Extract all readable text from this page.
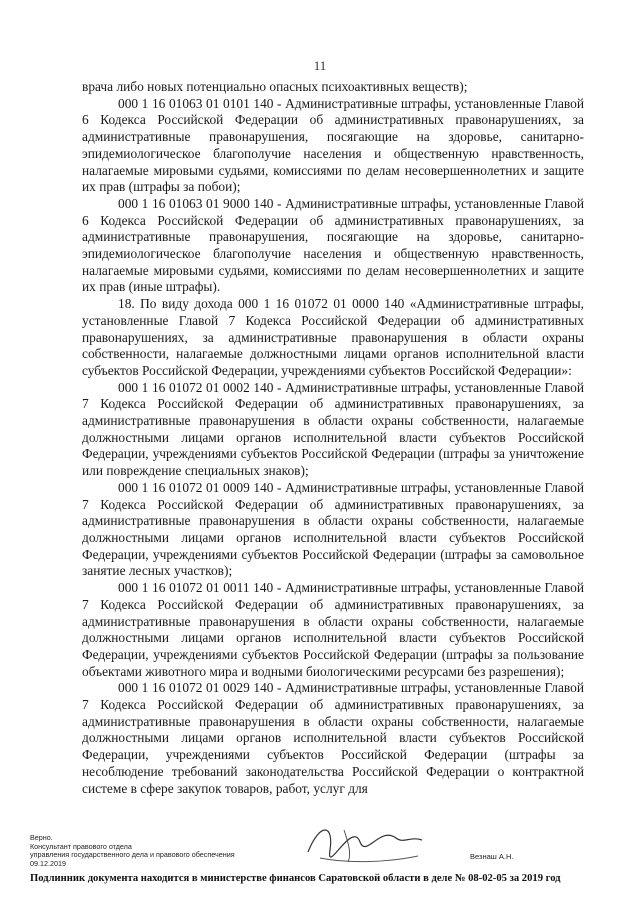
11

врача либо новых потенциально опасных психоактивных веществ);

000 1 16 01063 01 0101 140 - Административные штрафы, установленные Главой 6 Кодекса Российской Федерации об административных правонарушениях, за административные правонарушения, посягающие на здоровье, санитарно-эпидемиологическое благополучие населения и общественную нравственность, налагаемые мировыми судьями, комиссиями по делам несовершеннолетних и защите их прав (штрафы за побои);

000 1 16 01063 01 9000 140 - Административные штрафы, установленные Главой 6 Кодекса Российской Федерации об административных правонарушениях, за административные правонарушения, посягающие на здоровье, санитарно-эпидемиологическое благополучие населения и общественную нравственность, налагаемые мировыми судьями, комиссиями по делам несовершеннолетних и защите их прав (иные штрафы).

18. По виду дохода 000 1 16 01072 01 0000 140 «Административные штрафы, установленные Главой 7 Кодекса Российской Федерации об административных правонарушениях, за административные правонарушения в области охраны собственности, налагаемые должностными лицами органов исполнительной власти субъектов Российской Федерации, учреждениями субъектов Российской Федерации»:

000 1 16 01072 01 0002 140 - Административные штрафы, установленные Главой 7 Кодекса Российской Федерации об административных правонарушениях, за административные правонарушения в области охраны собственности, налагаемые должностными лицами органов исполнительной власти субъектов Российской Федерации, учреждениями субъектов Российской Федерации (штрафы за уничтожение или повреждение специальных знаков);

000 1 16 01072 01 0009 140 - Административные штрафы, установленные Главой 7 Кодекса Российской Федерации об административных правонарушениях, за административные правонарушения в области охраны собственности, налагаемые должностными лицами органов исполнительной власти субъектов Российской Федерации, учреждениями субъектов Российской Федерации (штрафы за самовольное занятие лесных участков);

000 1 16 01072 01 0011 140 - Административные штрафы, установленные Главой 7 Кодекса Российской Федерации об административных правонарушениях, за административные правонарушения в области охраны собственности, налагаемые должностными лицами органов исполнительной власти субъектов Российской Федерации, учреждениями субъектов Российской Федерации (штрафы за пользование объектами животного мира и водными биологическими ресурсами без разрешения);

000 1 16 01072 01 0029 140 - Административные штрафы, установленные Главой 7 Кодекса Российской Федерации об административных правонарушениях, за административные правонарушения в области охраны собственности, налагаемые должностными лицами органов исполнительной власти субъектов Российской Федерации, учреждениями субъектов Российской Федерации (штрафы за несоблюдение требований законодательства Российской Федерации о контрактной системе в сфере закупок товаров, работ, услуг для

Верно.
Консультант правового отдела
управления государственного дела и правового обеспечения
09.12.2019
Везнаш А.Н.
Подлинник документа находится в министерстве финансов Саратовской области в деле № 08-02-05 за 2019 год
